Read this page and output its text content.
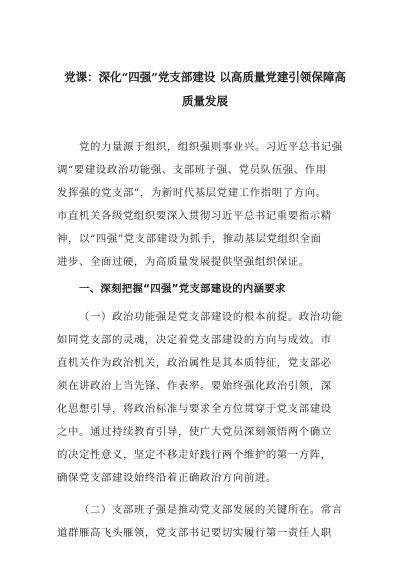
党课：深化“四强”党支部建设 以高质量党建引领保障高
质量发展
党的力量源于组织，组织强则事业兴。习近平总书记强
调“要建设政治功能强、支部班子强、党员队伍强、作用
发挥强的党支部”，为新时代基层党建工作指明了方向。
市直机关各级党组织要深入贯彻习近平总书记重要指示精
神，以“四强”党支部建设为抓手，推动基层党组织全面
进步、全面过硬，为高质量发展提供坚强组织保证。
一、深刻把握“四强”党支部建设的内涵要求
（一）政治功能强是党支部建设的根本前提。政治功能
如同党支部的灵魂，决定着党支部建设的方向与成效。市
直机关作为政治机关，政治属性是其本质特征，党支部必
须在讲政治上当先锋、作表率。要始终强化政治引领，深
化思想引导，将政治标准与要求全方位贯穿于党支部建设
之中。通过持续教育引导，使广大党员深刻领悟两个确立
的决定性意义，坚定不移走好践行两个维护的第一方阵，
确保党支部建设始终沿着正确政治方向前进。
（二）支部班子强是推动党支部发展的关键所在。常言
道群雁高飞头雁领，党支部书记要切实履行第一责任人职
